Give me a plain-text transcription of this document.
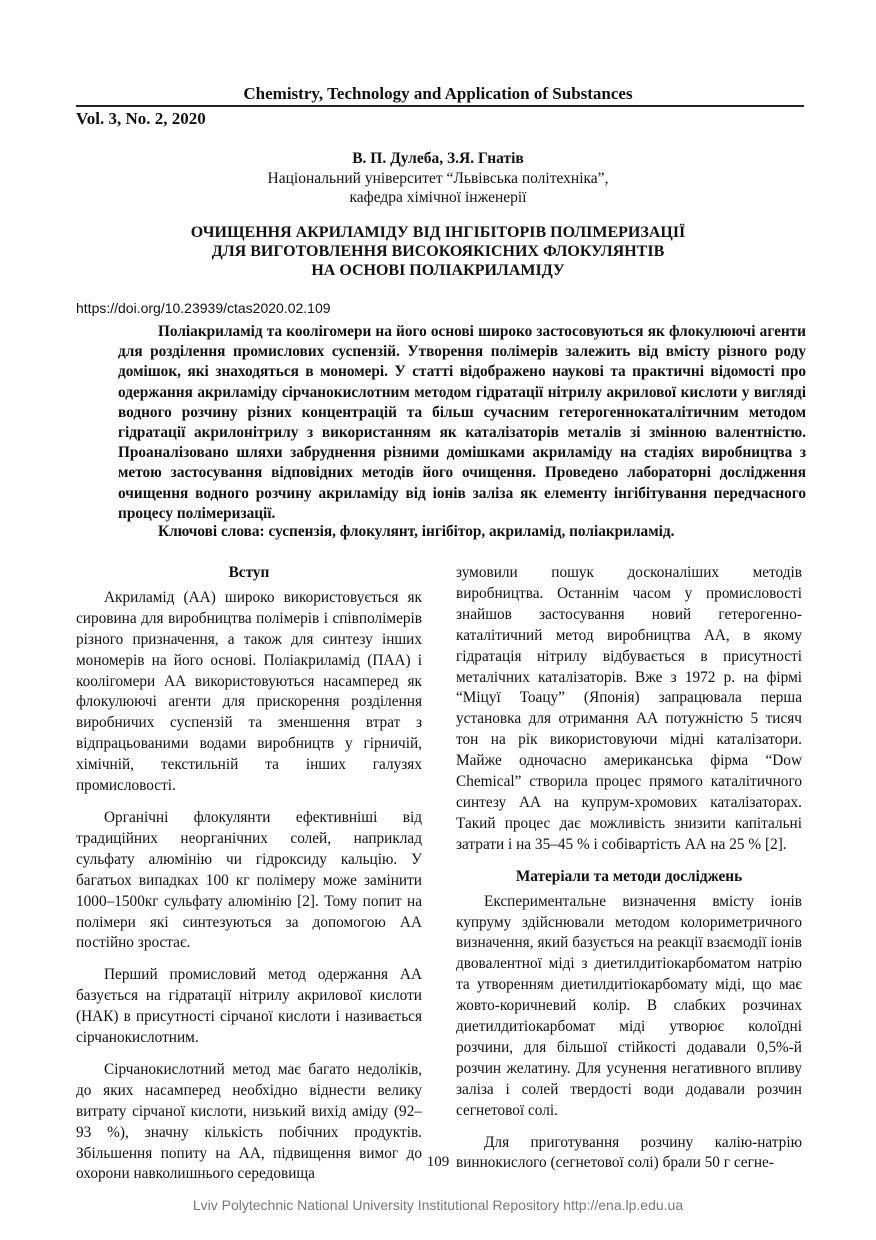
Chemistry, Technology and Application of Substances
Vol. 3, No. 2, 2020
В. П. Дулеба, З.Я. Гнатів
Національний університет “Львівська політехніка”,
кафедра хімічної інженерії
ОЧИЩЕННЯ АКРИЛАМІДУ ВІД ІНГІБІТОРІВ ПОЛІМЕРИЗАЦІЇ
ДЛЯ ВИГОТОВЛЕННЯ ВИСОКОЯКІСНИХ ФЛОКУЛЯНТІВ
НА ОСНОВІ ПОЛІАКРИЛАМІДУ
https://doi.org/10.23939/ctas2020.02.109

Поліакриламід та коолігомери на його основі широко застосовуються як флокулюючі агенти для розділення промислових суспензій. Утворення полімерів залежить від вмісту різного роду домішок, які знаходяться в мономері. У статті відображено наукові та практичні відомості про одержання акриламіду сірчанокислотним методом гідратації нітрилу акрилової кислоти у вигляді водного розчину різних концентрацій та більш сучасним гетерогеннокаталітичним методом гідратації акрилонітрилу з використанням як каталізаторів металів зі змінною валентністю. Проаналізовано шляхи забруднення різними домішками акриламіду на стадіях виробництва з метою застосування відповідних методів його очищення. Проведено лабораторні дослідження очищення водного розчину акриламіду від іонів заліза як елементу інгібітування передчасного процесу полімеризації.

Ключові слова: суспензія, флокулянт, інгібітор, акриламід, поліакриламід.
Вступ

Акриламід (АА) широко використовується як сировина для виробництва полімерів і співполімерів різного призначення, а також для синтезу інших мономерів на його основі. Поліакриламід (ПАА) і коолігомери АА використовуються насамперед як флокулюючі агенти для прискорення розділення виробничих суспензій та зменшення втрат з відпрацьованими водами виробництв у гірничій, хімічній, текстильній та інших галузях промисловості.

Органічні флокулянти ефективніші від традиційних неорганічних солей, наприклад сульфату алюмінію чи гідроксиду кальцію. У багатьох випадках 100 кг полімеру може замінити 1000–1500кг сульфату алюмінію [2]. Тому попит на полімери які синтезуються за допомогою АА постійно зростає.

Перший промисловий метод одержання АА базується на гідратації нітрилу акрилової кислоти (НАК) в присутності сірчаної кислоти і називається сірчанокислотним.

Сірчанокислотний метод має багато недоліків, до яких насамперед необхідно віднести велику витрату сірчаної кислоти, низький вихід аміду (92–93 %), значну кількість побічних продуктів. Збільшення попиту на АА, підвищення вимог до охорони навколишнього середовища

зумовили пошук досконаліших методів виробництва. Останнім часом у промисловості знайшов застосування новий гетерогенно-каталітичний метод виробництва АА, в якому гідратація нітрилу відбувається в присутності металічних каталізаторів. Вже з 1972 р. на фірмі “Міцуї Тоацу” (Японія) запрацювала перша установка для отримання АА потужністю 5 тисяч тон на рік використовуючи мідні каталізатори. Майже одночасно американська фірма “Dow Chemical” створила процес прямого каталітичного синтезу АА на купрум-хромових каталізаторах. Такий процес дає можливість знизити капітальні затрати і на 35–45 % і собівартість АА на 25 % [2].

Матеріали та методи досліджень

Експериментальне визначення вмісту іонів купруму здійснювали методом колориметричного визначення, який базується на реакції взаємодії іонів двовалентної міді з диетилдитіокарбоматом натрію та утворенням диетилдитіокарбомату міді, що має жовто-коричневий колір. В слабких розчинах диетилдитіокарбомат міді утворює колоїдні розчини, для більшої стійкості додавали 0,5%-й розчин желатину. Для усунення негативного впливу заліза і солей твердості води додавали розчин сегнетової солі.

Для приготування розчину калію-натрію виннокислого (сегнетової солі) брали 50 г сегне-

109
Lviv Polytechnic National University Institutional Repository http://ena.lp.edu.ua
